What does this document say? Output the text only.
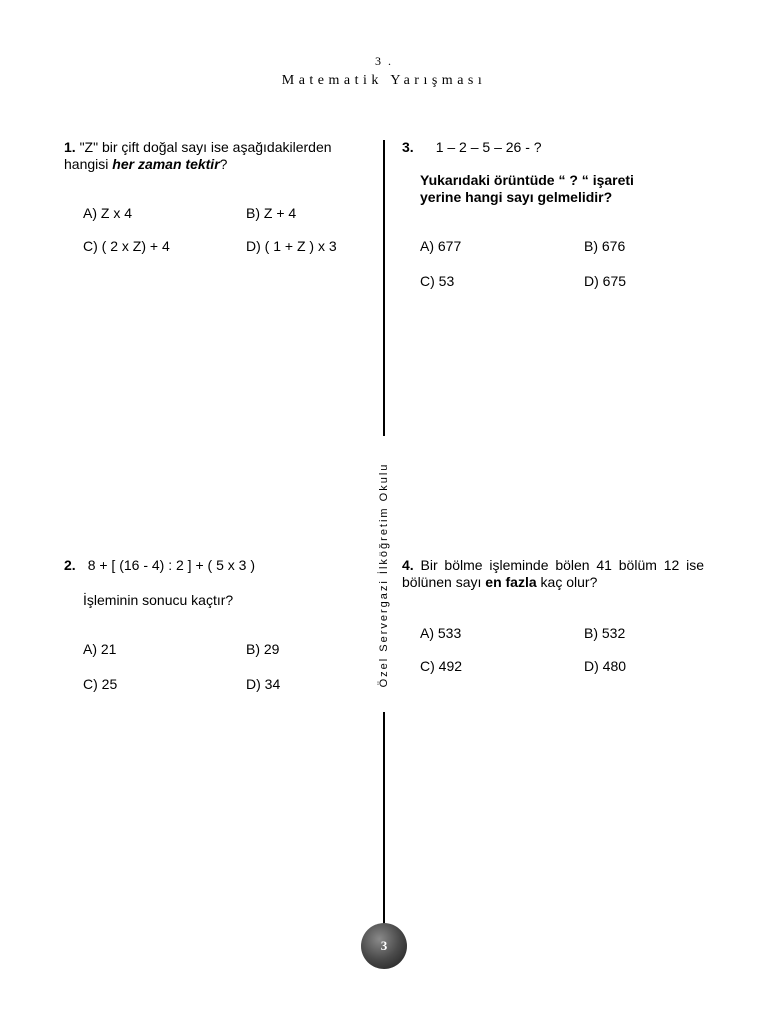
3 .
Matematik Yarışması

1. "Z" bir çift doğal sayı ise aşağıdakilerden hangisi her zaman tektir?

A) Z x 4	B) Z + 4
C) ( 2 x Z) + 4	D) ( 1 + Z ) x 3

3. 1 – 2 – 5 – 26 - ?

Yukarıdaki örüntüde “ ? “ işareti

yerine hangi sayı gelmelidir?

A) 677	B) 676
C) 53	D) 675

2. 8 + [ (16 - 4) : 2 ] + ( 5 x 3 )

İşleminin sonucu kaçtır?
A) 21	B) 29
C) 25	D) 34

4. Bir bölme işleminde bölen 41 bölüm 12 ise bölünen sayı en fazla kaç olur?

A) 533	B) 532
C) 492	D) 480
Özel Servergazi İlköğretim Okulu
3
